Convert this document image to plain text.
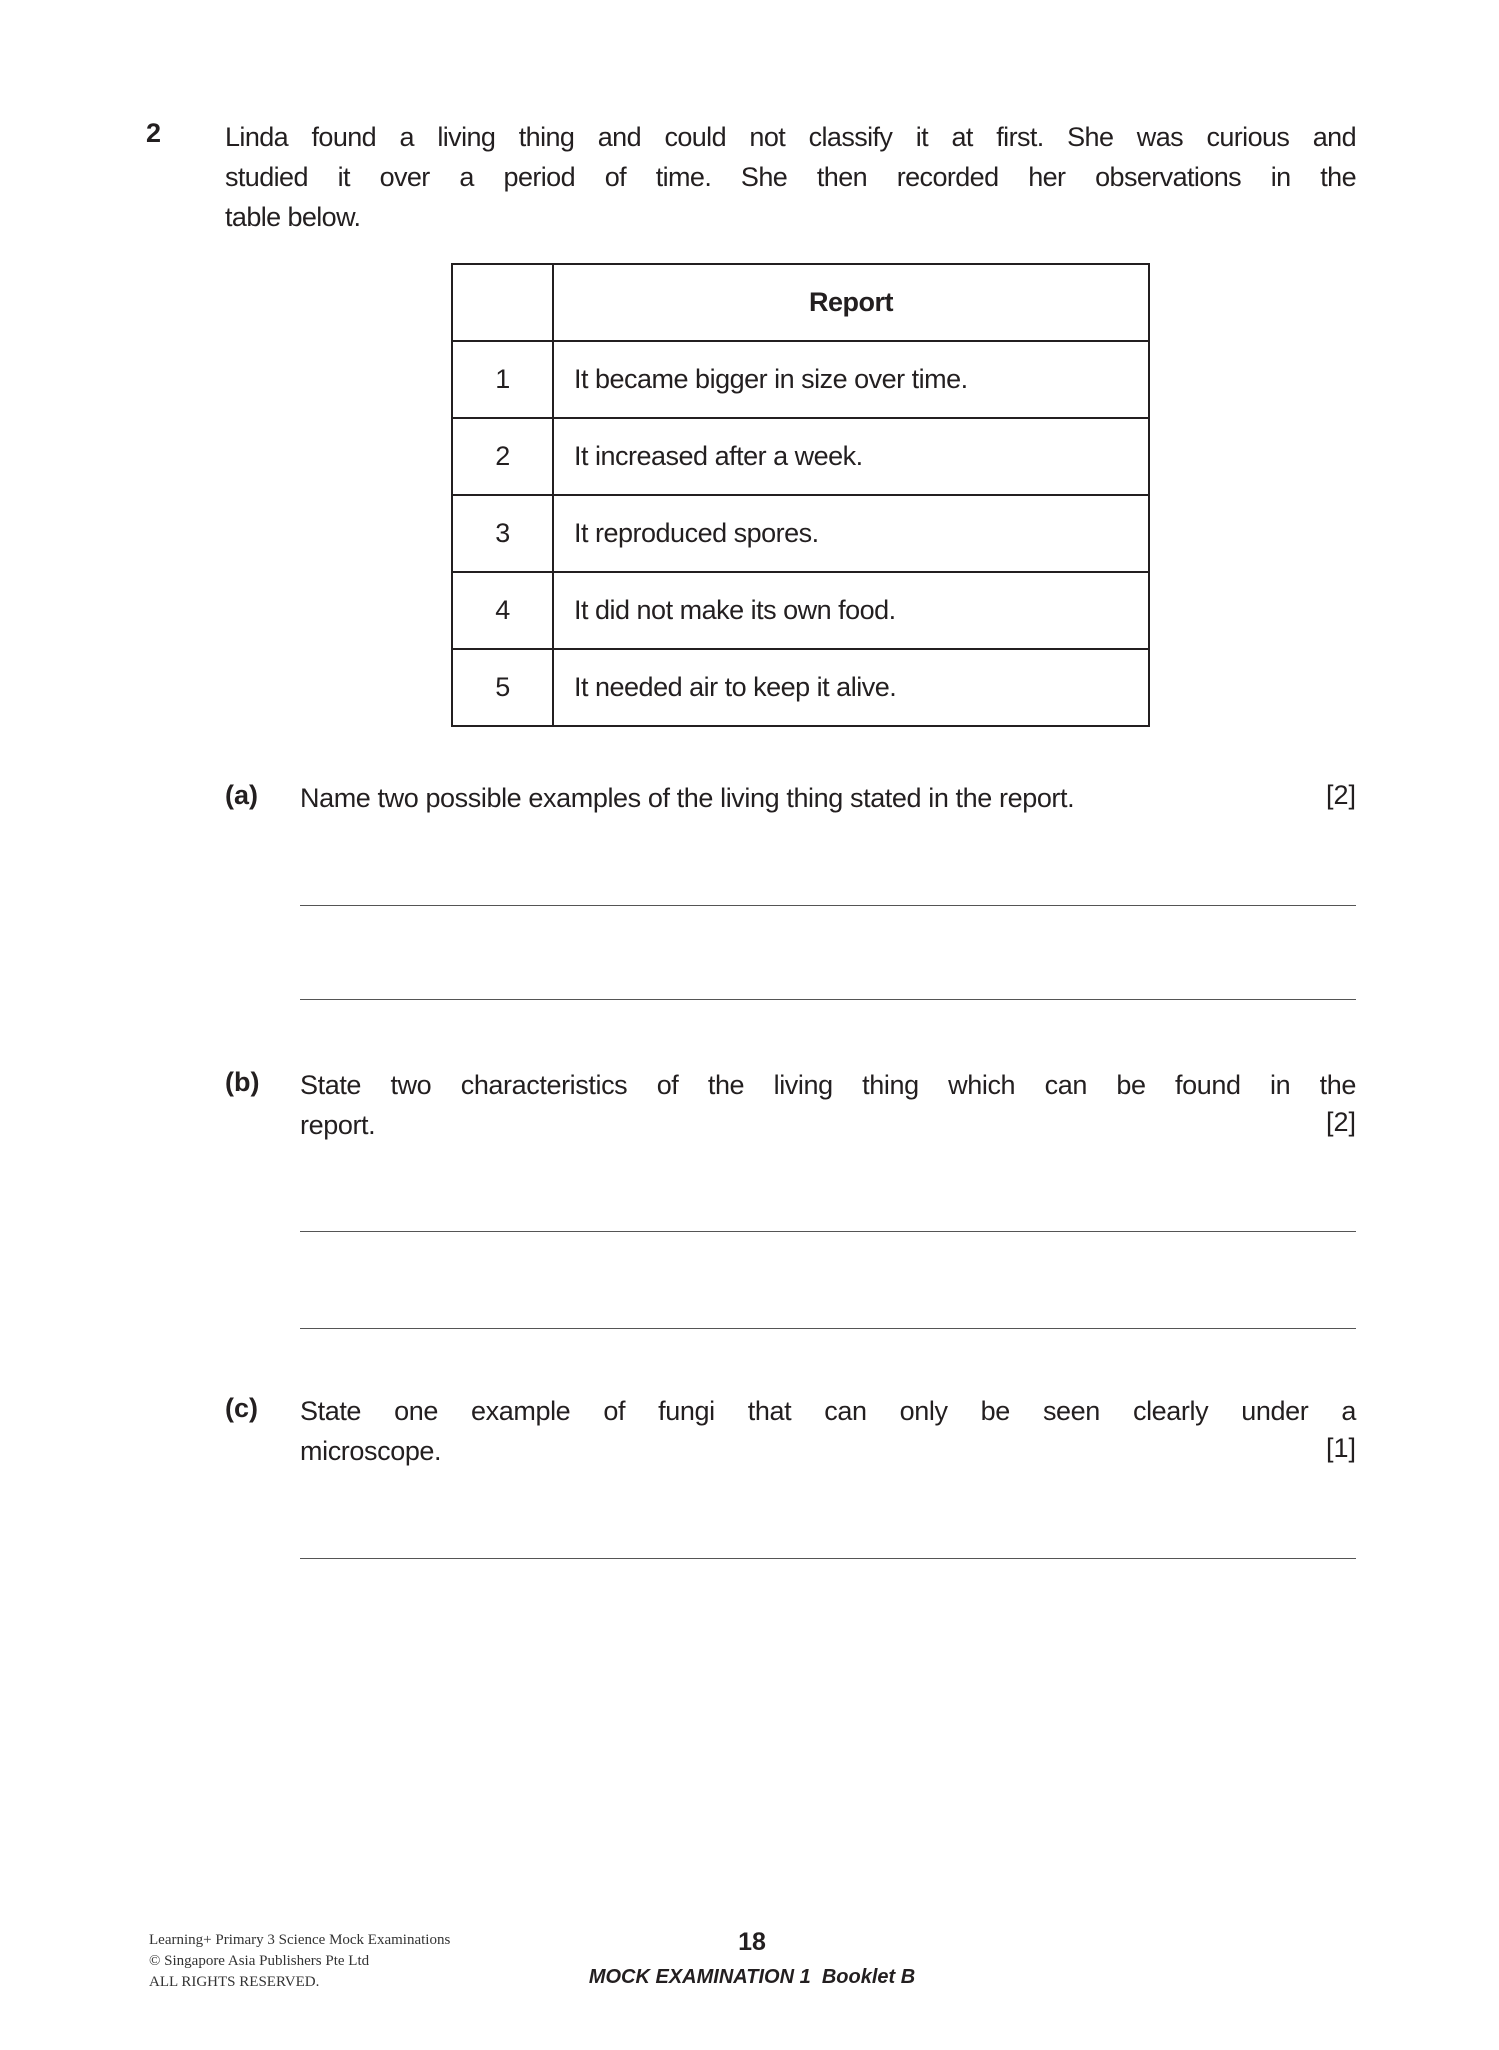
2 Linda found a living thing and could not classify it at first. She was curious and
studied it over a period of time. She then recorded her observations in the
table below.
	Report
1	It became bigger in size over time.
2	It increased after a week.
3	It reproduced spores.
4	It did not make its own food.
5	It needed air to keep it alive.
(a) Name two possible examples of the living thing stated in the report.	[2]
(b) State two characteristics of the living thing which can be found in the
report.	[2]
(c) State one example of fungi that can only be seen clearly under a
microscope.	[1]
Learning+ Primary 3 Science Mock Examinations
© Singapore Asia Publishers Pte Ltd
ALL RIGHTS RESERVED.
18
MOCK EXAMINATION 1  Booklet B
